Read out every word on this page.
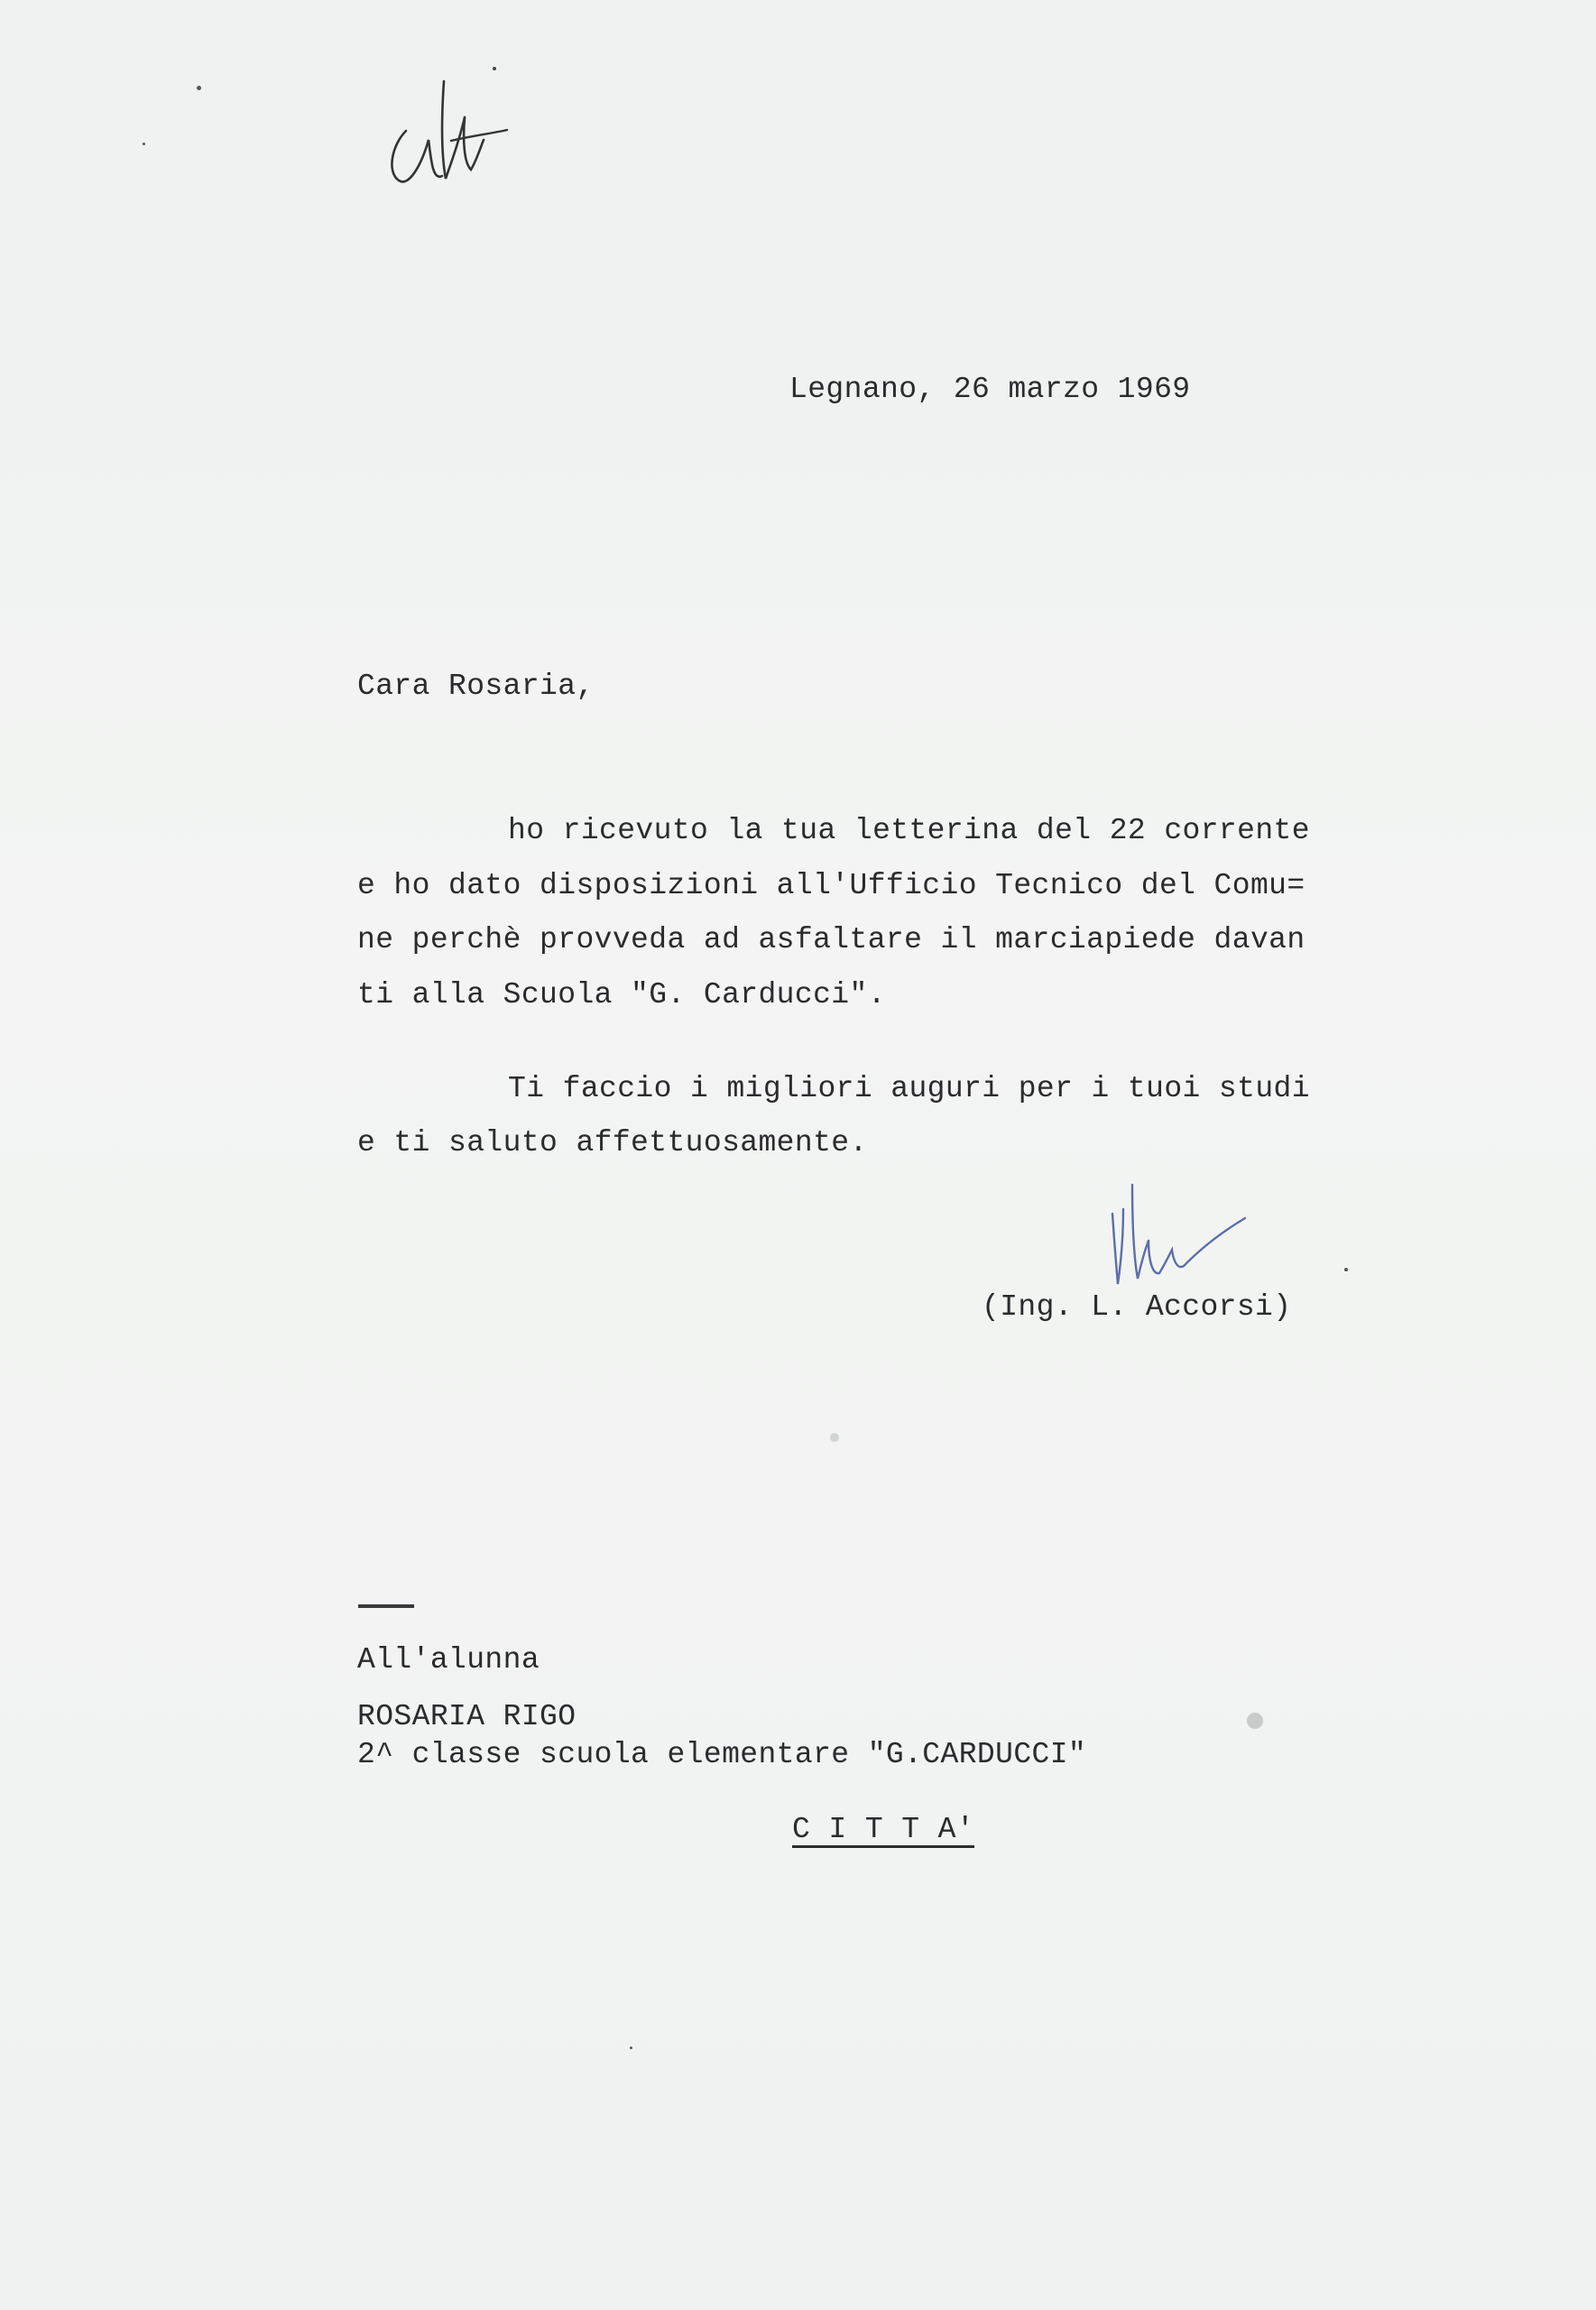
Legnano, 26 marzo 1969
Cara Rosaria,
ho ricevuto la tua letterina del 22 corrente
e ho dato disposizioni all'Ufficio Tecnico del Comu=
ne perchè provveda ad asfaltare il marciapiede davan
ti alla Scuola "G. Carducci".
Ti faccio i migliori auguri per i tuoi studi
e ti saluto affettuosamente.
(Ing. L. Accorsi)
All'alunna
ROSARIA RIGO
2^ classe scuola elementare "G.CARDUCCI"
C I T T A'
